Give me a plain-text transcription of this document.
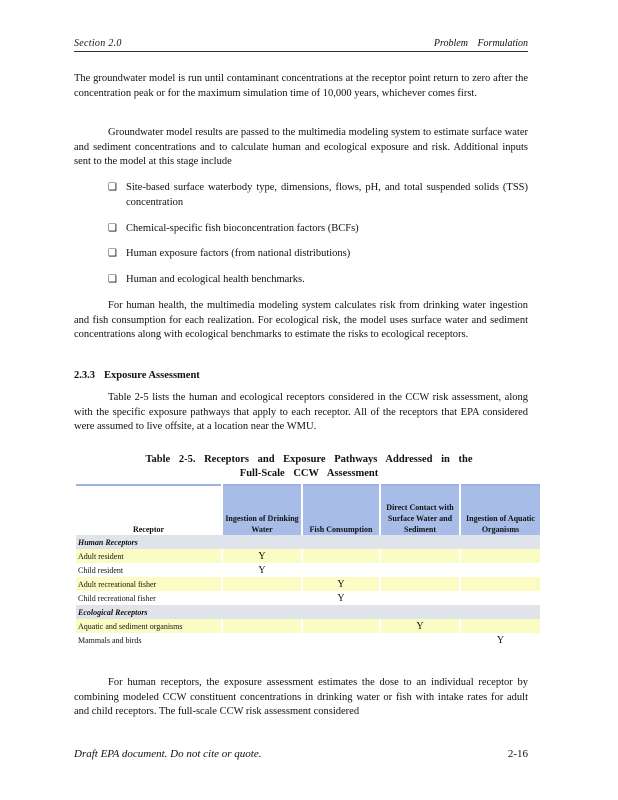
Section 2.0	Problem Formulation
The groundwater model is run until contaminant concentrations at the receptor point return to zero after the concentration peak or for the maximum simulation time of 10,000 years, whichever comes first.
Groundwater model results are passed to the multimedia modeling system to estimate surface water and sediment concentrations and to calculate human and ecological exposure and risk. Additional inputs sent to the model at this stage include
❑ Site-based surface waterbody type, dimensions, flows, pH, and total suspended solids (TSS) concentration
❑ Chemical-specific fish bioconcentration factors (BCFs)
❑ Human exposure factors (from national distributions)
❑ Human and ecological health benchmarks.
For human health, the multimedia modeling system calculates risk from drinking water ingestion and fish consumption for each realization. For ecological risk, the model uses surface water and sediment concentrations along with ecological benchmarks to estimate the risks to ecological receptors.
2.3.3 Exposure Assessment
Table 2-5 lists the human and ecological receptors considered in the CCW risk assessment, along with the specific exposure pathways that apply to each receptor. All of the receptors that EPA considered were assumed to live offsite, at a location near the WMU.
Table 2-5. Receptors and Exposure Pathways Addressed in the
Full-Scale CCW Assessment

Receptor	Ingestion of Drinking Water	Fish Consumption	Direct Contact with Surface Water and Sediment	Ingestion of Aquatic Organisms
Human Receptors				
Adult resident	Y			
Child resident	Y			
Adult recreational fisher		Y		
Child recreational fisher		Y		
Ecological Receptors				
Aquatic and sediment organisms			Y	
Mammals and birds				Y
For human receptors, the exposure assessment estimates the dose to an individual receptor by combining modeled CCW constituent concentrations in drinking water or fish with intake rates for adult and child receptors. The full-scale CCW risk assessment considered
Draft EPA document. Do not cite or quote.	2-16
